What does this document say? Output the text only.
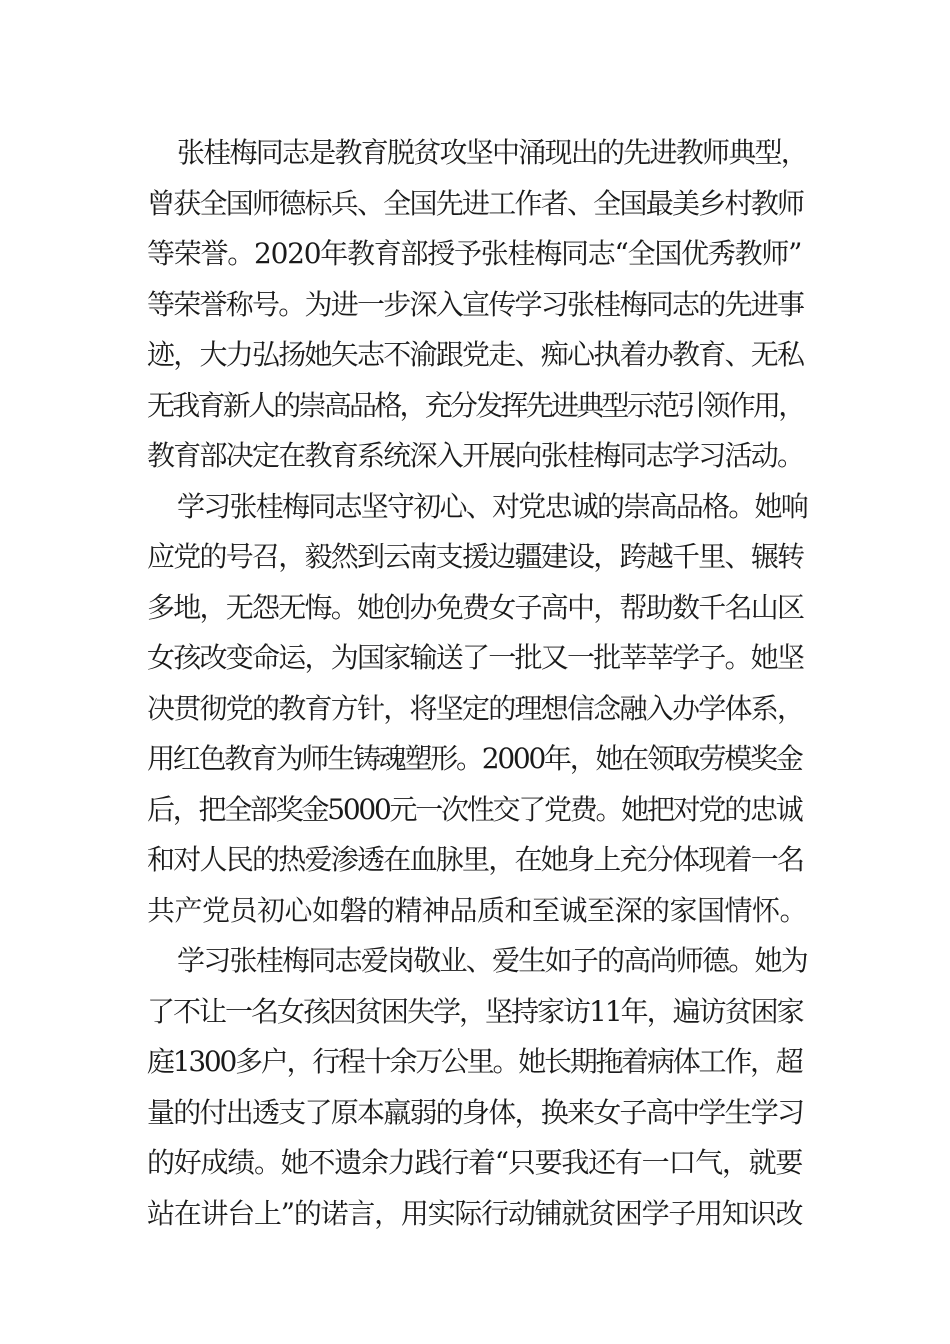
张桂梅同志是教育脱贫攻坚中涌现出的先进教师典型，
曾获全国师德标兵、全国先进工作者、全国最美乡村教师
等荣誉。2020年教育部授予张桂梅同志“全国优秀教师”
等荣誉称号。为进一步深入宣传学习张桂梅同志的先进事
迹，大力弘扬她矢志不渝跟党走、痴心执着办教育、无私
无我育新人的崇高品格，充分发挥先进典型示范引领作用，
教育部决定在教育系统深入开展向张桂梅同志学习活动。
学习张桂梅同志坚守初心、对党忠诚的崇高品格。她响
应党的号召，毅然到云南支援边疆建设，跨越千里、辗转
多地，无怨无悔。她创办免费女子高中，帮助数千名山区
女孩改变命运，为国家输送了一批又一批莘莘学子。她坚
决贯彻党的教育方针，将坚定的理想信念融入办学体系，
用红色教育为师生铸魂塑形。2000年，她在领取劳模奖金
后，把全部奖金5000元一次性交了党费。她把对党的忠诚
和对人民的热爱渗透在血脉里，在她身上充分体现着一名
共产党员初心如磐的精神品质和至诚至深的家国情怀。
学习张桂梅同志爱岗敬业、爱生如子的高尚师德。她为
了不让一名女孩因贫困失学，坚持家访11年，遍访贫困家
庭1300多户，行程十余万公里。她长期拖着病体工作，超
量的付出透支了原本羸弱的身体，换来女子高中学生学习
的好成绩。她不遗余力践行着“只要我还有一口气，就要
站在讲台上”的诺言，用实际行动铺就贫困学子用知识改
